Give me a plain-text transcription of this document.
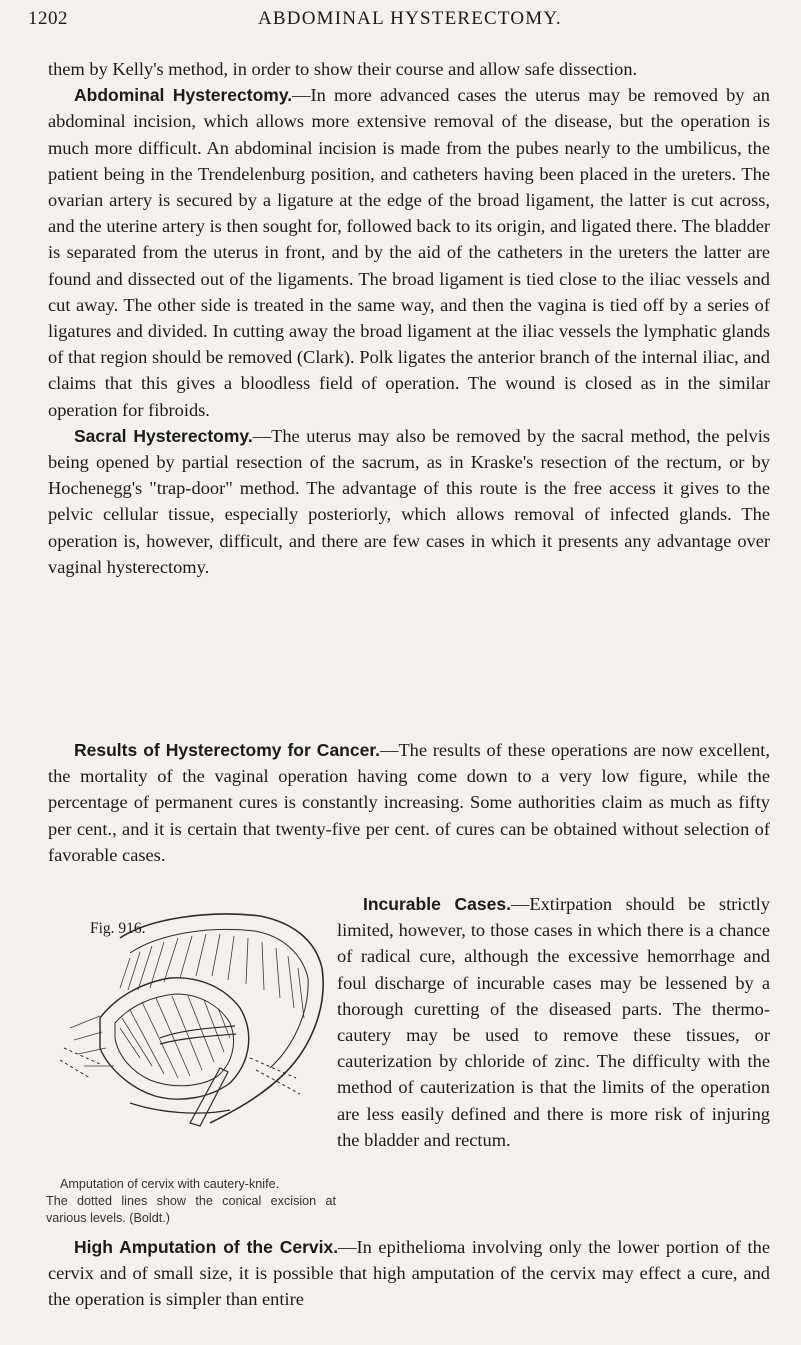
1202	ABDOMINAL HYSTERECTOMY.

them by Kelly's method, in order to show their course and allow safe dissection.

Abdominal Hysterectomy.—In more advanced cases the uterus may be removed by an abdominal incision, which allows more extensive removal of the disease, but the operation is much more difficult. An abdominal incision is made from the pubes nearly to the umbilicus, the patient being in the Trendelenburg position, and catheters having been placed in the ureters. The ovarian artery is secured by a ligature at the edge of the broad ligament, the latter is cut across, and the uterine artery is then sought for, followed back to its origin, and ligated there. The bladder is separated from the uterus in front, and by the aid of the catheters in the ureters the latter are found and dissected out of the ligaments. The broad ligament is tied close to the iliac vessels and cut away. The other side is treated in the same way, and then the vagina is tied off by a series of ligatures and divided. In cutting away the broad ligament at the iliac vessels the lymphatic glands of that region should be removed (Clark). Polk ligates the anterior branch of the internal iliac, and claims that this gives a bloodless field of operation. The wound is closed as in the similar operation for fibroids.

Sacral Hysterectomy.—The uterus may also be removed by the sacral method, the pelvis being opened by partial resection of the sacrum, as in Kraske's resection of the rectum, or by Hochenegg's "trap-door" method. The advantage of this route is the free access it gives to the pelvic cellular tissue, especially posteriorly, which allows removal of infected glands. The operation is, however, difficult, and there are few cases in which it presents any advantage over vaginal hysterectomy.

Results of Hysterectomy for Cancer.—The results of these operations are now excellent, the mortality of the vaginal operation having come down to a very low figure, while the percentage of permanent cures is constantly increasing. Some authorities claim as much as fifty per cent., and it is certain that twenty-five per cent. of cures can be obtained without selection of favorable cases.

Incurable Cases.—Extirpation should be strictly limited, however, to those cases in which there is a chance of radical cure, although the excessive hemorrhage and foul discharge of incurable cases may be lessened by a thorough curetting of the diseased parts. The thermo-cautery may be used to remove these tissues, or cauterization by chloride of zinc. The difficulty with the method of cauterization is that the limits of the operation are less easily defined and there is more risk of injuring the bladder and rectum.

High Amputation of the Cervix.—In epithelioma involving only the lower portion of the cervix and of small size, it is possible that high amputation of the cervix may effect a cure, and the operation is simpler than entire

Fig. 916.
Amputation of cervix with cautery-knife.
The dotted lines show the conical excision at various levels. (Boldt.)
